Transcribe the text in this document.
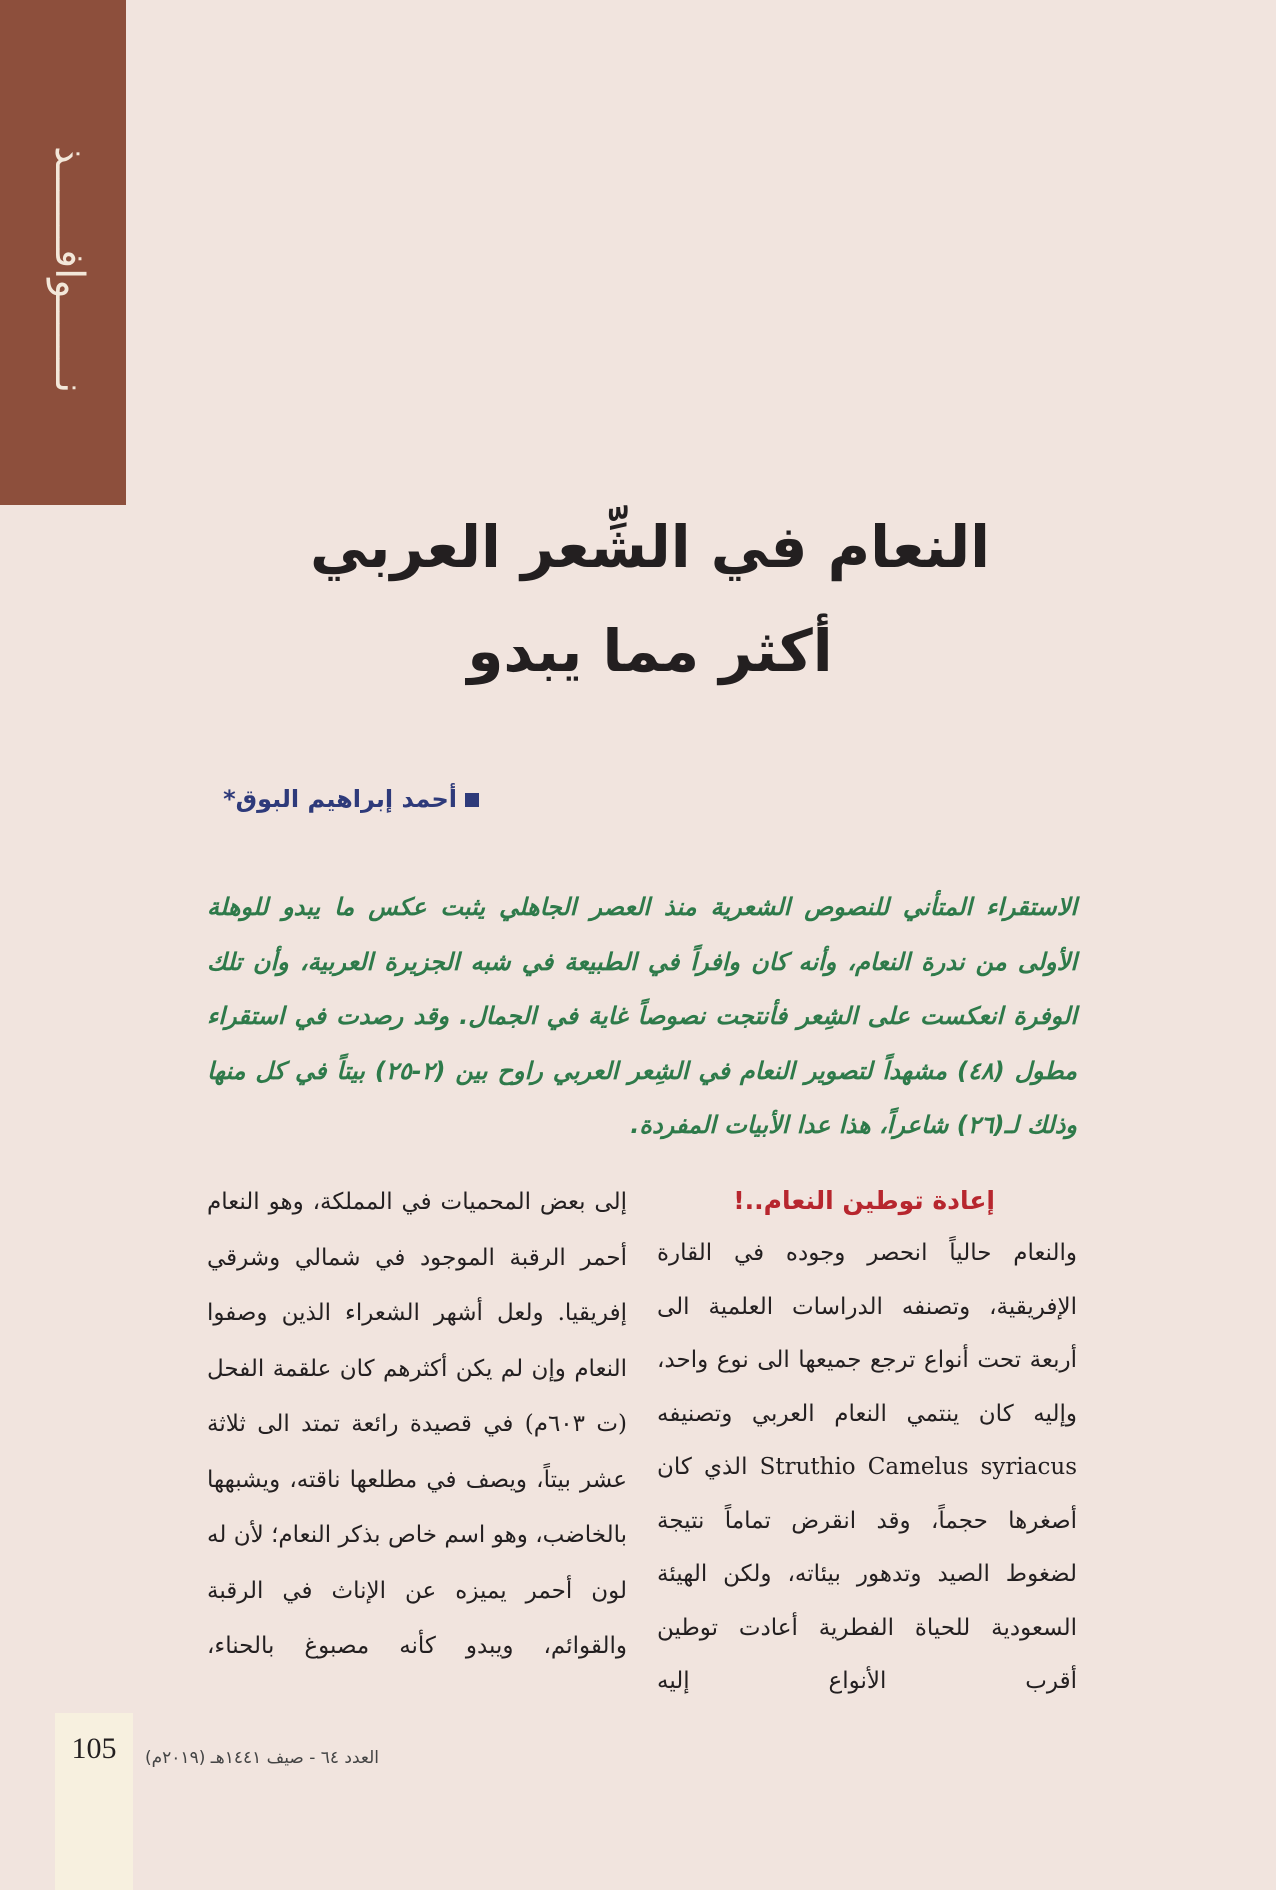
نـــــــوافـــــــذ
النعام في الشِّعر العربي
أكثر مما يبدو
أحمد إبراهيم البوق*

الاستقراء المتأني للنصوص الشعرية منذ العصر الجاهلي يثبت عكس ما يبدو للوهلة الأولى من ندرة النعام، وأنه كان وافراً في الطبيعة في شبه الجزيرة العربية، وأن تلك الوفرة انعكست على الشِعر فأنتجت نصوصاً غاية في الجمال. وقد رصدت في استقراء مطول (٤٨) مشهداً لتصوير النعام في الشِعر العربي راوح بين (٢-٢٥) بيتاً في كل منها وذلك لـ(٢٦) شاعراً، هذا عدا الأبيات المفردة.

إعادة توطين النعام..!

والنعام حالياً انحصر وجوده في القارة الإفريقية، وتصنفه الدراسات العلمية الى أربعة تحت أنواع ترجع جميعها الى نوع واحد، وإليه كان ينتمي النعام العربي وتصنيفه Struthio Camelus syriacus الذي كان أصغرها حجماً، وقد انقرض تماماً نتيجة لضغوط الصيد وتدهور بيئاته، ولكن الهيئة السعودية للحياة الفطرية أعادت توطين أقرب الأنواع إليه

إلى بعض المحميات في المملكة، وهو النعام أحمر الرقبة الموجود في شمالي وشرقي إفريقيا. ولعل أشهر الشعراء الذين وصفوا النعام وإن لم يكن أكثرهم كان علقمة الفحل (ت ٦٠٣م) في قصيدة رائعة تمتد الى ثلاثة عشر بيتاً، ويصف في مطلعها ناقته، ويشبهها بالخاضب، وهو اسم خاص بذكر النعام؛ لأن له لون أحمر يميزه عن الإناث في الرقبة والقوائم، ويبدو كأنه مصبوغ بالحناء،

105	العدد ٦٤ - صيف ١٤٤١هـ (٢٠١٩م)
